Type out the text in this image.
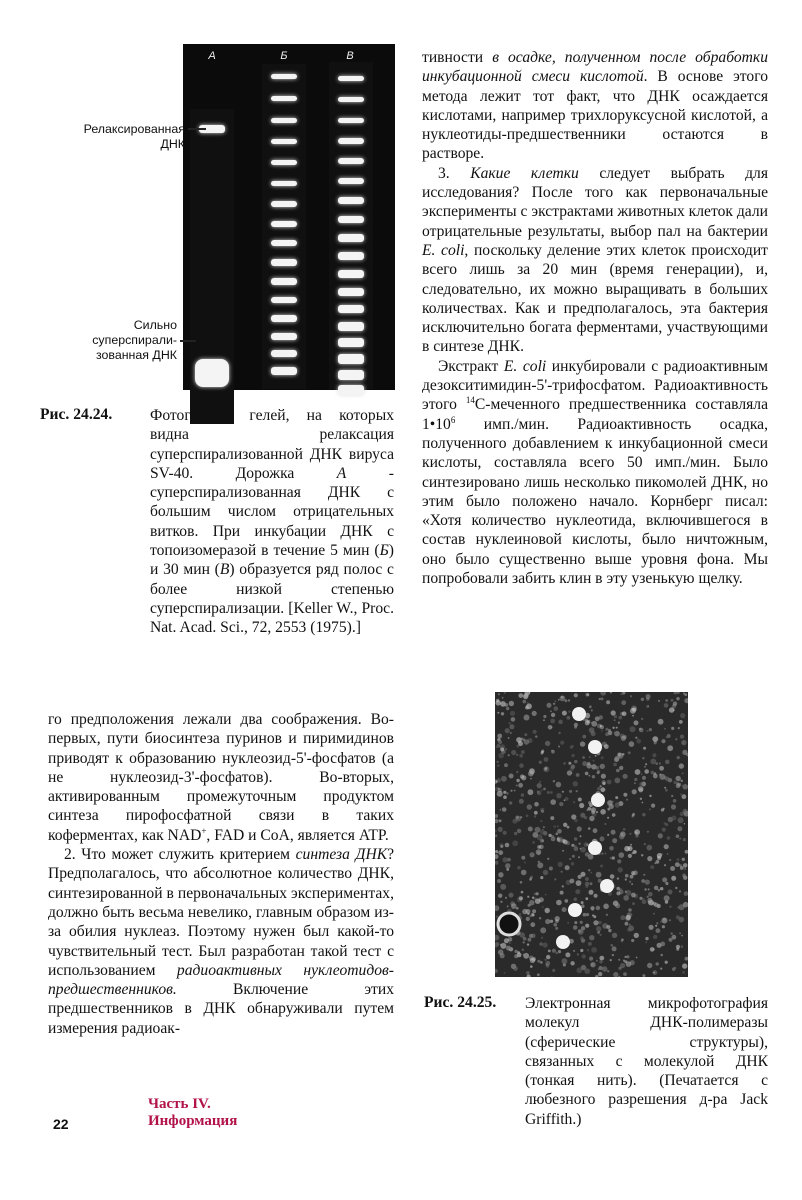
A	Б	В
Релаксированная
ДНК
Сильно
суперспирали-
зованная ДНК
Рис. 24.24. Фотографии гелей, на которых видна релаксация суперспирализованной ДНК вируса SV-40. Дорожка А - суперспирализованная ДНК с большим числом отрицательных витков. При инкубации ДНК с топоизомеразой в течение 5 мин (Б) и 30 мин (В) образуется ряд полос с более низкой степенью суперспирализации. [Keller W., Proc. Nat. Acad. Sci., 72, 2553 (1975).]

тивности в осадке, полученном после обработки инкубационной смеси кислотой. В основе этого метода лежит тот факт, что ДНК осаждается кислотами, например трихлоруксусной кислотой, а нуклеотиды-предшественники остаются в растворе.

3. Какие клетки следует выбрать для исследования? После того как первоначальные эксперименты с экстрактами животных клеток дали отрицательные результаты, выбор пал на бактерии E. coli, поскольку деление этих клеток происходит всего лишь за 20 мин (время генерации), и, следовательно, их можно выращивать в больших количествах. Как и предполагалось, эта бактерия исключительно богата ферментами, участвующими в синтезе ДНК.

Экстракт E. coli инкубировали с радиоактивным дезокситимидин-5'-трифосфатом. Радиоактивность этого $^{14}$С-меченного предшественника составляла $1•10^6$ имп./мин. Радиоактивность осадка, полученного добавлением к инкубационной смеси кислоты, составляла всего 50 имп./мин. Было синтезировано лишь несколько пикомолей ДНК, но этим было положено начало. Корнберг писал: «Хотя количество нуклеотида, включившегося в состав нуклеиновой кислоты, было ничтожным, оно было существенно выше уровня фона. Мы попробовали забить клин в эту узенькую щелку.

го предположения лежали два соображения. Во-первых, пути биосинтеза пуринов и пиримидинов приводят к образованию нуклеозид-5'-фосфатов (а не нуклеозид-3'-фосфатов). Во-вторых, активированным промежуточным продуктом синтеза пирофосфатной связи в таких коферментах, как NAD+, FAD и CoA, является ATP.

2. Что может служить критерием синтеза ДНК? Предполагалось, что абсолютное количество ДНК, синтезированной в первоначальных экспериментах, должно быть весьма невелико, главным образом из-за обилия нуклеаз. Поэтому нужен был какой-то чувствительный тест. Был разработан такой тест с использованием радиоактивных нуклеотидов-предшественников. Включение этих предшественников в ДНК обнаруживали путем измерения радиоак-

Рис. 24.25. Электронная микрофотография молекул ДНК-полимеразы (сферические структуры), связанных с молекулой ДНК (тонкая нить). (Печатается с любезного разрешения д-ра Jack Griffith.)
22
Часть IV.
Информация
